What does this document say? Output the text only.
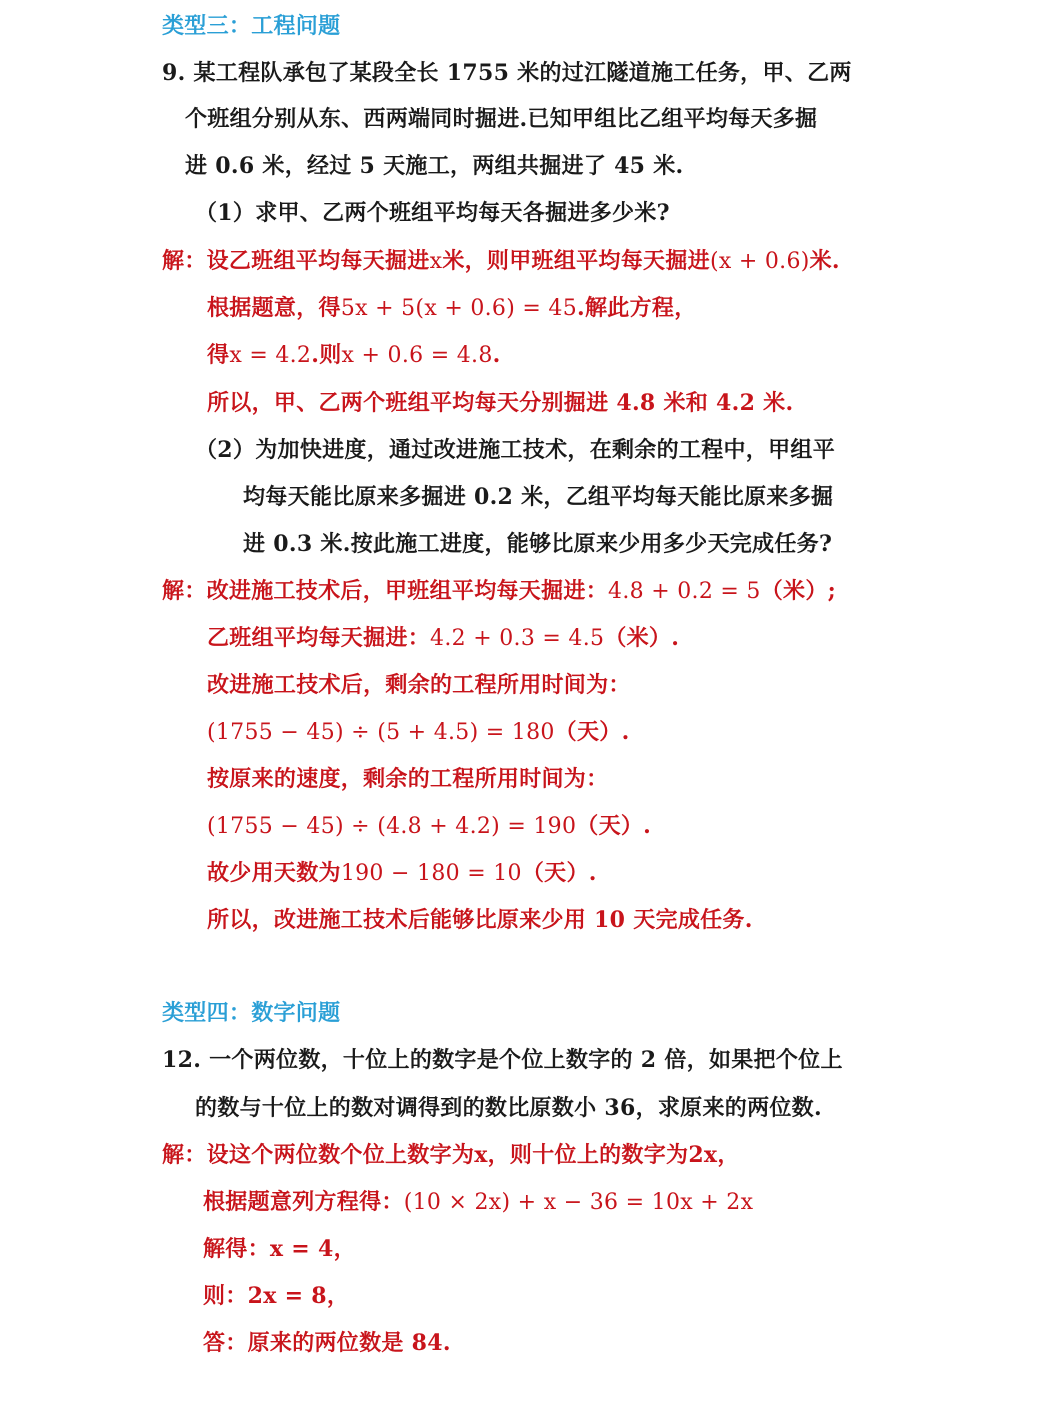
类型三：工程问题
9. 某工程队承包了某段全长 1755 米的过江隧道施工任务，甲、乙两
个班组分别从东、西两端同时掘进.已知甲组比乙组平均每天多掘
进 0.6 米，经过 5 天施工，两组共掘进了 45 米.
（1）求甲、乙两个班组平均每天各掘进多少米?
解：设乙班组平均每天掘进x米，则甲班组平均每天掘进(x + 0.6)米.
根据题意，得5x + 5(x + 0.6) = 45.解此方程，
得x = 4.2.则x + 0.6 = 4.8.
所以，甲、乙两个班组平均每天分别掘进 4.8 米和 4.2 米.
（2）为加快进度，通过改进施工技术，在剩余的工程中，甲组平
均每天能比原来多掘进 0.2 米，乙组平均每天能比原来多掘
进 0.3 米.按此施工进度，能够比原来少用多少天完成任务?
解：改进施工技术后，甲班组平均每天掘进：4.8 + 0.2 = 5（米）;
乙班组平均每天掘进：4.2 + 0.3 = 4.5（米）.
改进施工技术后，剩余的工程所用时间为：
(1755 − 45) ÷ (5 + 4.5) = 180（天）.
按原来的速度，剩余的工程所用时间为：
(1755 − 45) ÷ (4.8 + 4.2) = 190（天）.
故少用天数为190 − 180 = 10（天）.
所以，改进施工技术后能够比原来少用 10 天完成任务.
类型四：数字问题
12. 一个两位数，十位上的数字是个位上数字的 2 倍，如果把个位上
的数与十位上的数对调得到的数比原数小 36，求原来的两位数.
解：设这个两位数个位上数字为x，则十位上的数字为2x，
根据题意列方程得：(10 × 2x) + x − 36 = 10x + 2x
解得：x = 4，
则：2x = 8，
答：原来的两位数是 84.
